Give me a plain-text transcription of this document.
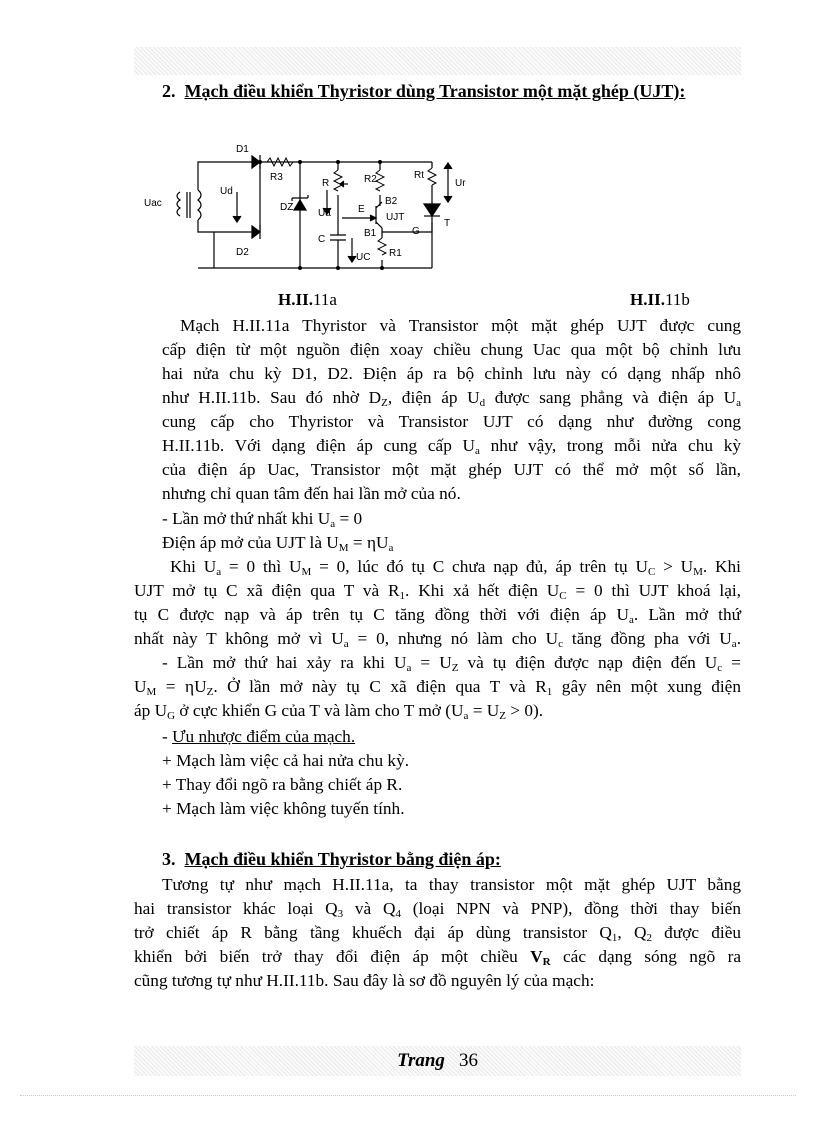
2. Mạch điều khiển Thyristor dùng Transistor một mặt ghép (UJT):
D1
D2
R3
Uac
Ud
DZ
R
Ua
R2
B2
E
UJT
B1
C
UC R1
Rt
Ur
T
G
H.II.11a	H.II.11b
Mạch H.II.11a Thyristor và Transistor một mặt ghép UJT được cung
cấp điện từ một nguồn điện xoay chiều chung Uac qua một bộ chỉnh lưu
hai nửa chu kỳ D1, D2. Điện áp ra bộ chỉnh lưu này có dạng nhấp nhô
như H.II.11b. Sau đó nhờ $D_Z$, điện áp $U_d$ được sang phẳng và điện áp $U_a$
cung cấp cho Thyristor và Transistor UJT có dạng như đường cong
H.II.11b. Với dạng điện áp cung cấp $U_a$ như vậy, trong mỗi nửa chu kỳ
của điện áp Uac, Transistor một mặt ghép UJT có thể mở một số lần,
nhưng chỉ quan tâm đến hai lần mở của nó.
- Lần mở thứ nhất khi $U_a = 0$
Điện áp mở của UJT là $U_M = \eta U_a$
Khi $U_a = 0$ thì $U_M = 0$, lúc đó tụ C chưa nạp đủ, áp trên tụ $U_C > U_M$. Khi
UJT mở tụ C xã điện qua T và $R_1$. Khi xả hết điện $U_C = 0$ thì UJT khoá lại,
tụ C được nạp và áp trên tụ C tăng đồng thời với điện áp $U_a$. Lần mở thứ
nhất này T không mở vì $U_a = 0$, nhưng nó làm cho $U_c$ tăng đồng pha với $U_a$.
- Lần mở thứ hai xảy ra khi $U_a = U_Z$ và tụ điện được nạp điện đến $U_c$ =
$U_M = \eta U_Z$. Ở lần mở này tụ C xã điện qua T và $R_1$ gây nên một xung điện
áp $U_G$ ở cực khiển G của T và làm cho T mở $(U_a = U_Z > 0)$.
- Ưu nhược điểm của mạch.
+ Mạch làm việc cả hai nửa chu kỳ.
+ Thay đổi ngõ ra bằng chiết áp R.
+ Mạch làm việc không tuyến tính.
3. Mạch điều khiển Thyristor bằng điện áp:
Tương tự như mạch H.II.11a, ta thay transistor một mặt ghép UJT bằng
hai transistor khác loại $Q_3$ và $Q_4$ (loại NPN và PNP), đồng thời thay biến
trở chiết áp R bằng tầng khuếch đại áp dùng transistor $Q_1$, $Q_2$ được điều
khiển bởi biến trở thay đổi điện áp một chiều $V_R$ các dạng sóng ngõ ra
cũng tương tự như H.II.11b. Sau đây là sơ đồ nguyên lý của mạch:
Trang 36
